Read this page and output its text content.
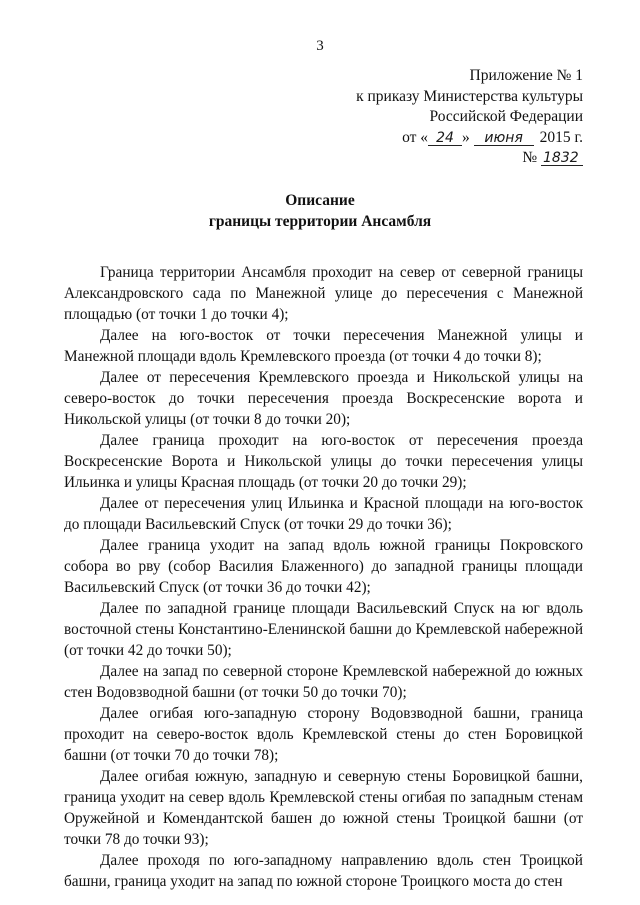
3
Приложение № 1
к приказу Министерства культуры
Российской Федерации
от « 24 » июня 2015 г.
№ 1832
Описание
границы территории Ансамбля

Граница территории Ансамбля проходит на север от северной границы Александровского сада по Манежной улице до пересечения с Манежной площадью (от точки 1 до точки 4);

Далее на юго-восток от точки пересечения Манежной улицы и Манежной площади вдоль Кремлевского проезда (от точки 4 до точки 8);

Далее от пересечения Кремлевского проезда и Никольской улицы на северо-восток до точки пересечения проезда Воскресенские ворота и Никольской улицы (от точки 8 до точки 20);

Далее граница проходит на юго-восток от пересечения проезда Воскресенские Ворота и Никольской улицы до точки пересечения улицы Ильинка и улицы Красная площадь (от точки 20 до точки 29);

Далее от пересечения улиц Ильинка и Красной площади на юго-восток до площади Васильевский Спуск (от точки 29 до точки 36);

Далее граница уходит на запад вдоль южной границы Покровского собора во рву (собор Василия Блаженного) до западной границы площади Васильевский Спуск (от точки 36 до точки 42);

Далее по западной границе площади Васильевский Спуск на юг вдоль восточной стены Константино-Еленинской башни до Кремлевской набережной (от точки 42 до точки 50);

Далее на запад по северной стороне Кремлевской набережной до южных стен Водовзводной башни (от точки 50 до точки 70);

Далее огибая юго-западную сторону Водовзводной башни, граница проходит на северо-восток вдоль Кремлевской стены до стен Боровицкой башни (от точки 70 до точки 78);

Далее огибая южную, западную и северную стены Боровицкой башни, граница уходит на север вдоль Кремлевской стены огибая по западным стенам Оружейной и Комендантской башен до южной стены Троицкой башни (от точки 78 до точки 93);

Далее проходя по юго-западному направлению вдоль стен Троицкой башни, граница уходит на запад по южной стороне Троицкого моста до стен
